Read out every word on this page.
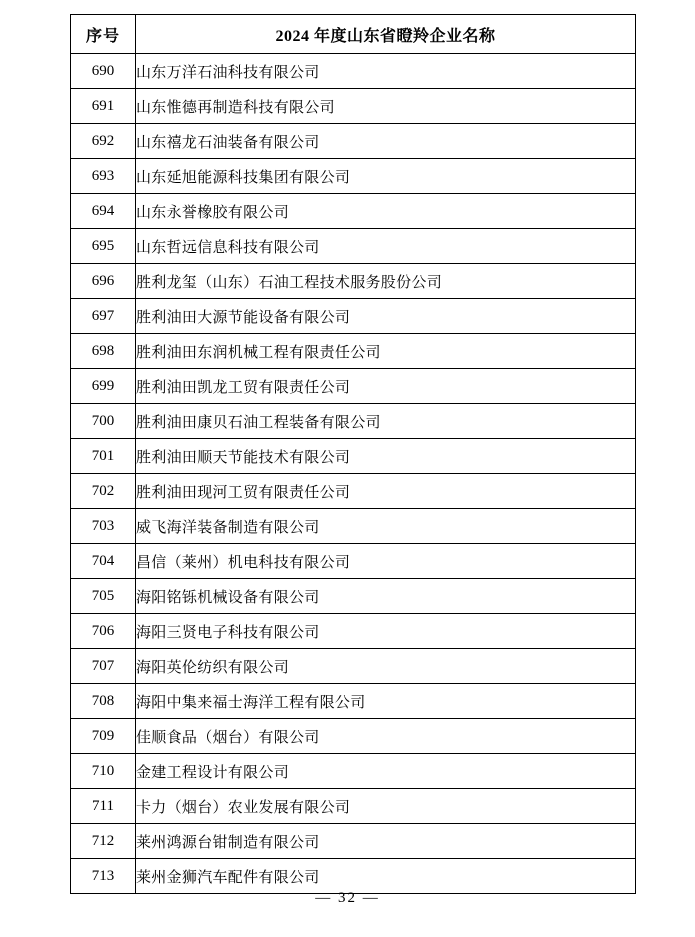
序号	2024 年度山东省瞪羚企业名称
690	山东万洋石油科技有限公司
691	山东惟德再制造科技有限公司
692	山东禧龙石油装备有限公司
693	山东延旭能源科技集团有限公司
694	山东永誉橡胶有限公司
695	山东哲远信息科技有限公司
696	胜利龙玺（山东）石油工程技术服务股份公司
697	胜利油田大源节能设备有限公司
698	胜利油田东润机械工程有限责任公司
699	胜利油田凯龙工贸有限责任公司
700	胜利油田康贝石油工程装备有限公司
701	胜利油田顺天节能技术有限公司
702	胜利油田现河工贸有限责任公司
703	威飞海洋装备制造有限公司
704	昌信（莱州）机电科技有限公司
705	海阳铭铄机械设备有限公司
706	海阳三贤电子科技有限公司
707	海阳英伦纺织有限公司
708	海阳中集来福士海洋工程有限公司
709	佳顺食品（烟台）有限公司
710	金建工程设计有限公司
711	卡力（烟台）农业发展有限公司
712	莱州鸿源台钳制造有限公司
713	莱州金狮汽车配件有限公司
— 32 —
